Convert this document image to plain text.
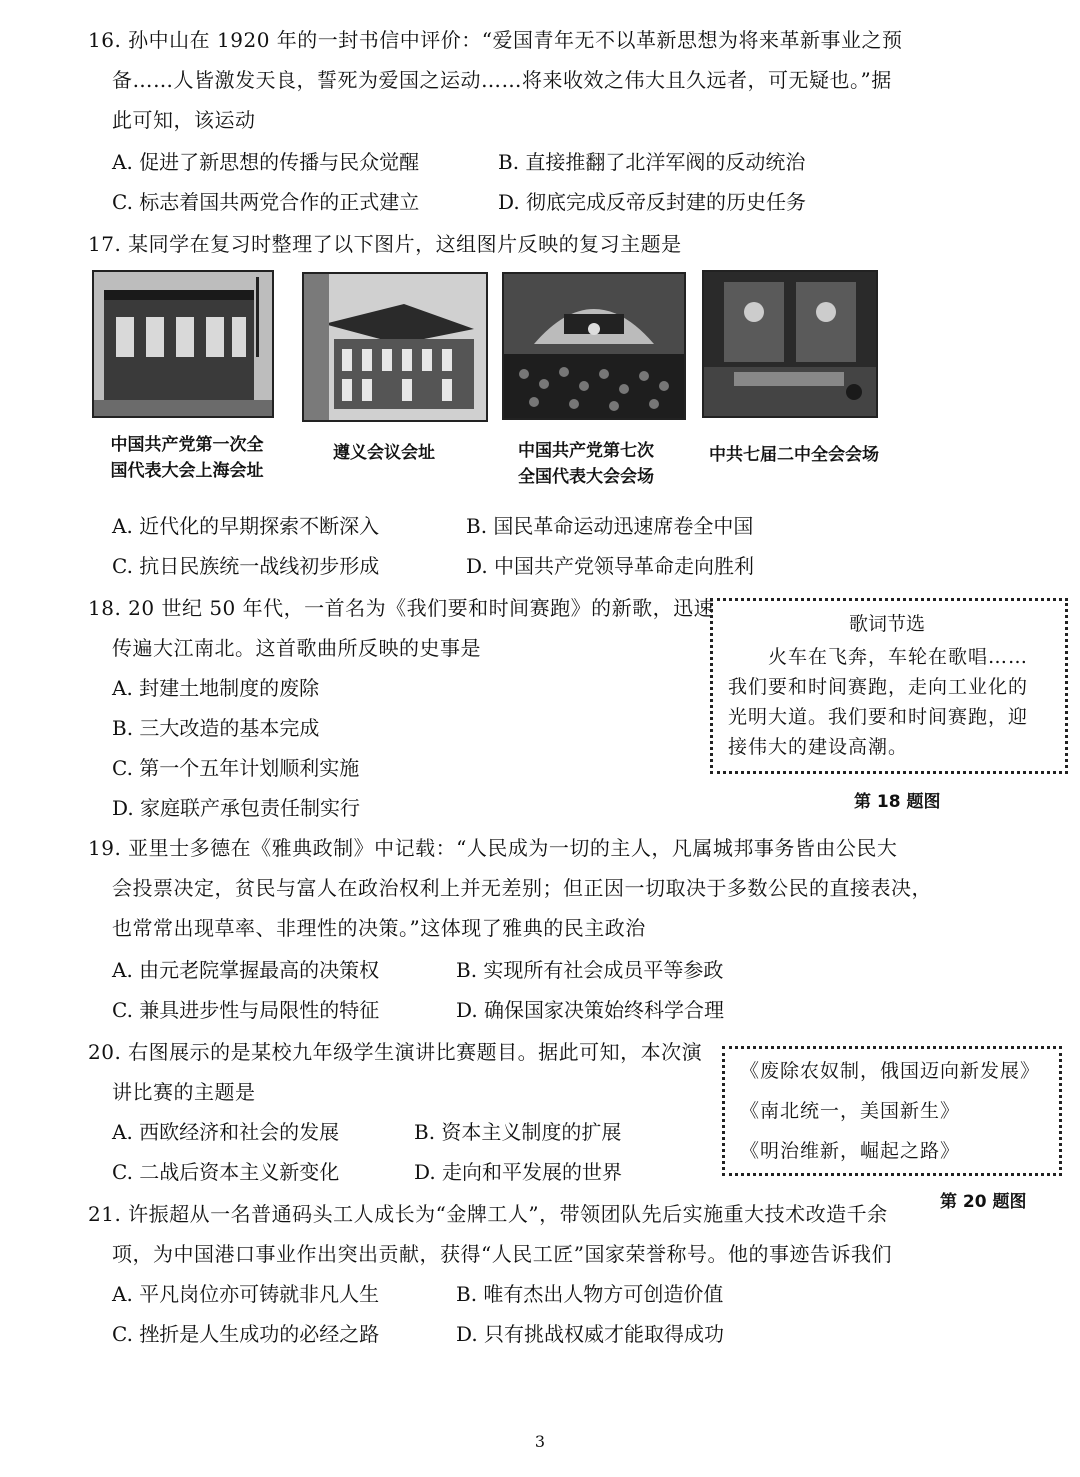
16. 孙中山在 1920 年的一封书信中评价：“爱国青年无不以革新思想为将来革新事业之预
备……人皆激发天良，誓死为爱国之运动……将来收效之伟大且久远者，可无疑也。”据
此可知，该运动
A. 促进了新思想的传播与民众觉醒	B. 直接推翻了北洋军阀的反动统治
C. 标志着国共两党合作的正式建立	D. 彻底完成反帝反封建的历史任务
17. 某同学在复习时整理了以下图片，这组图片反映的复习主题是
中国共产党第一次全
国代表大会上海会址
遵义会议会址	中国共产党第七次
全国代表大会会场
中共七届二中全会会场
A. 近代化的早期探索不断深入	B. 国民革命运动迅速席卷全中国
C. 抗日民族统一战线初步形成	D. 中国共产党领导革命走向胜利
18. 20 世纪 50 年代，一首名为《我们要和时间赛跑》的新歌，迅速
传遍大江南北。这首歌曲所反映的史事是
A. 封建土地制度的废除
B. 三大改造的基本完成
C. 第一个五年计划顺利实施
D. 家庭联产承包责任制实行
歌词节选
火车在飞奔，车轮在歌唱……
我们要和时间赛跑，走向工业化的
光明大道。我们要和时间赛跑，迎
接伟大的建设高潮。
第 18 题图
19. 亚里士多德在《雅典政制》中记载：“人民成为一切的主人，凡属城邦事务皆由公民大
会投票决定，贫民与富人在政治权利上并无差别；但正因一切取决于多数公民的直接表决，
也常常出现草率、非理性的决策。”这体现了雅典的民主政治
A. 由元老院掌握最高的决策权	B. 实现所有社会成员平等参政
C. 兼具进步性与局限性的特征	D. 确保国家决策始终科学合理
20. 右图展示的是某校九年级学生演讲比赛题目。据此可知，本次演
讲比赛的主题是
A. 西欧经济和社会的发展	B. 资本主义制度的扩展
C. 二战后资本主义新变化	D. 走向和平发展的世界
《废除农奴制，俄国迈向新发展》
《南北统一，美国新生》
《明治维新，崛起之路》
第 20 题图
21. 许振超从一名普通码头工人成长为“金牌工人”，带领团队先后实施重大技术改造千余
项，为中国港口事业作出突出贡献，获得“人民工匠”国家荣誉称号。他的事迹告诉我们
A. 平凡岗位亦可铸就非凡人生	B. 唯有杰出人物方可创造价值
C. 挫折是人生成功的必经之路	D. 只有挑战权威才能取得成功
3
